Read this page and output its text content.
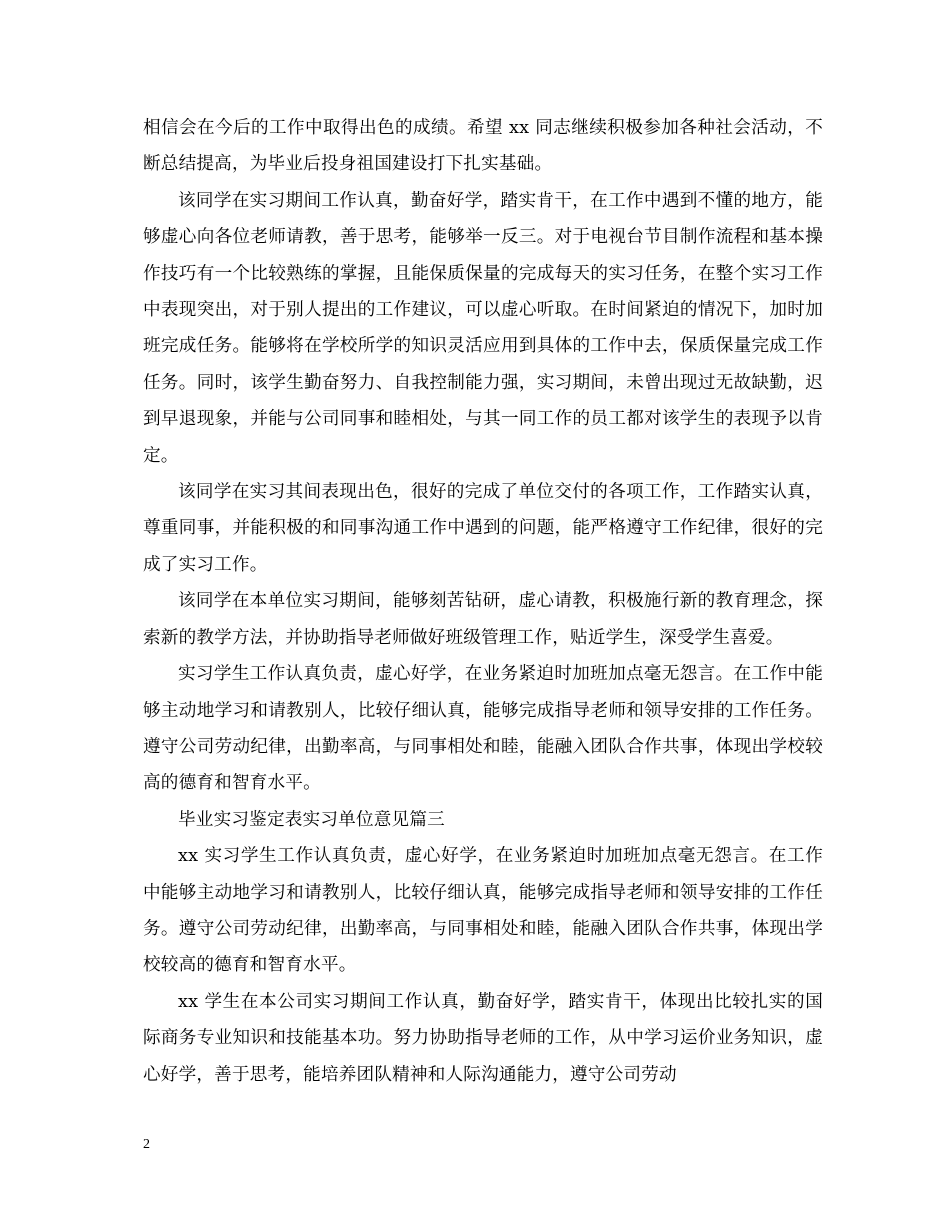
相信会在今后的工作中取得出色的成绩。希望 xx 同志继续积极参加各种社会活动，不断总结提高，为毕业后投身祖国建设打下扎实基础。

该同学在实习期间工作认真，勤奋好学，踏实肯干，在工作中遇到不懂的地方，能够虚心向各位老师请教，善于思考，能够举一反三。对于电视台节目制作流程和基本操作技巧有一个比较熟练的掌握，且能保质保量的完成每天的实习任务，在整个实习工作中表现突出，对于别人提出的工作建议，可以虚心听取。在时间紧迫的情况下，加时加班完成任务。能够将在学校所学的知识灵活应用到具体的工作中去，保质保量完成工作任务。同时，该学生勤奋努力、自我控制能力强，实习期间，未曾出现过无故缺勤，迟到早退现象，并能与公司同事和睦相处，与其一同工作的员工都对该学生的表现予以肯定。

该同学在实习其间表现出色，很好的完成了单位交付的各项工作，工作踏实认真，尊重同事，并能积极的和同事沟通工作中遇到的问题，能严格遵守工作纪律，很好的完成了实习工作。

该同学在本单位实习期间，能够刻苦钻研，虚心请教，积极施行新的教育理念，探索新的教学方法，并协助指导老师做好班级管理工作，贴近学生，深受学生喜爱。

实习学生工作认真负责，虚心好学，在业务紧迫时加班加点毫无怨言。在工作中能够主动地学习和请教别人，比较仔细认真，能够完成指导老师和领导安排的工作任务。遵守公司劳动纪律，出勤率高，与同事相处和睦，能融入团队合作共事，体现出学校较高的德育和智育水平。

毕业实习鉴定表实习单位意见篇三

xx 实习学生工作认真负责，虚心好学，在业务紧迫时加班加点毫无怨言。在工作中能够主动地学习和请教别人，比较仔细认真，能够完成指导老师和领导安排的工作任务。遵守公司劳动纪律，出勤率高，与同事相处和睦，能融入团队合作共事，体现出学校较高的德育和智育水平。

xx 学生在本公司实习期间工作认真，勤奋好学，踏实肯干，体现出比较扎实的国际商务专业知识和技能基本功。努力协助指导老师的工作，从中学习运价业务知识，虚心好学，善于思考，能培养团队精神和人际沟通能力，遵守公司劳动

2
